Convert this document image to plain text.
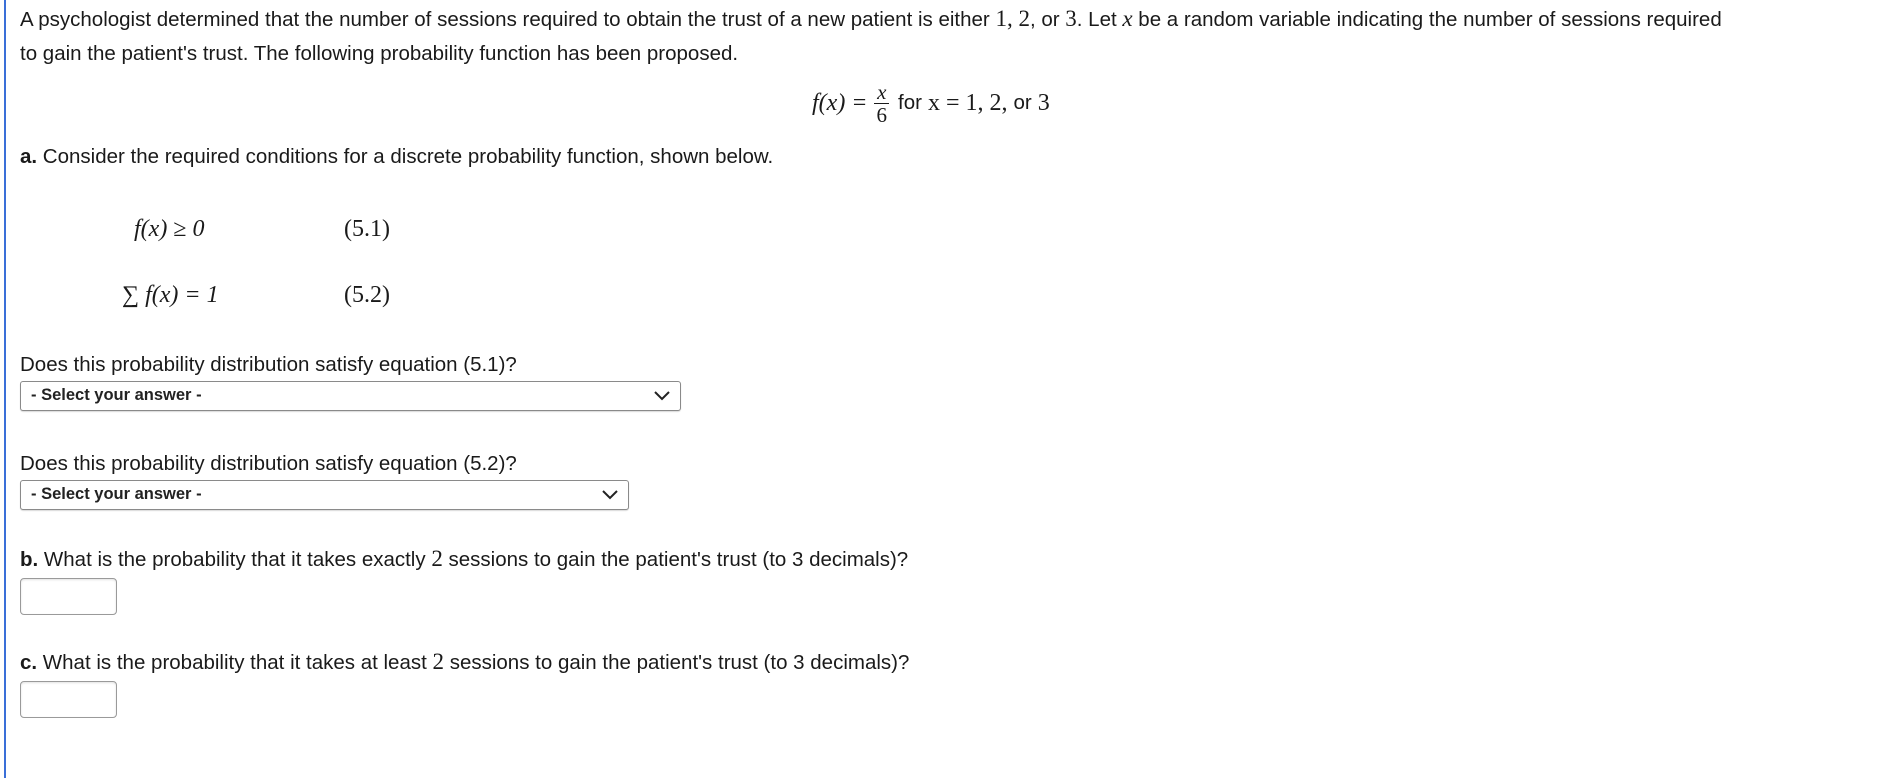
A psychologist determined that the number of sessions required to obtain the trust of a new patient is either 1, 2, or 3. Let x be a random variable indicating the number of sessions required
to gain the patient's trust. The following probability function has been proposed.
$f(x) = \frac{x}{6}$ for x = 1, 2, or 3
a. Consider the required conditions for a discrete probability function, shown below.
f(x) ≥ 0	(5.1)
∑ f(x) = 1	(5.2)
Does this probability distribution satisfy equation (5.1)?
- Select your answer -
Does this probability distribution satisfy equation (5.2)?
- Select your answer -
b. What is the probability that it takes exactly 2 sessions to gain the patient's trust (to 3 decimals)?
c. What is the probability that it takes at least 2 sessions to gain the patient's trust (to 3 decimals)?
